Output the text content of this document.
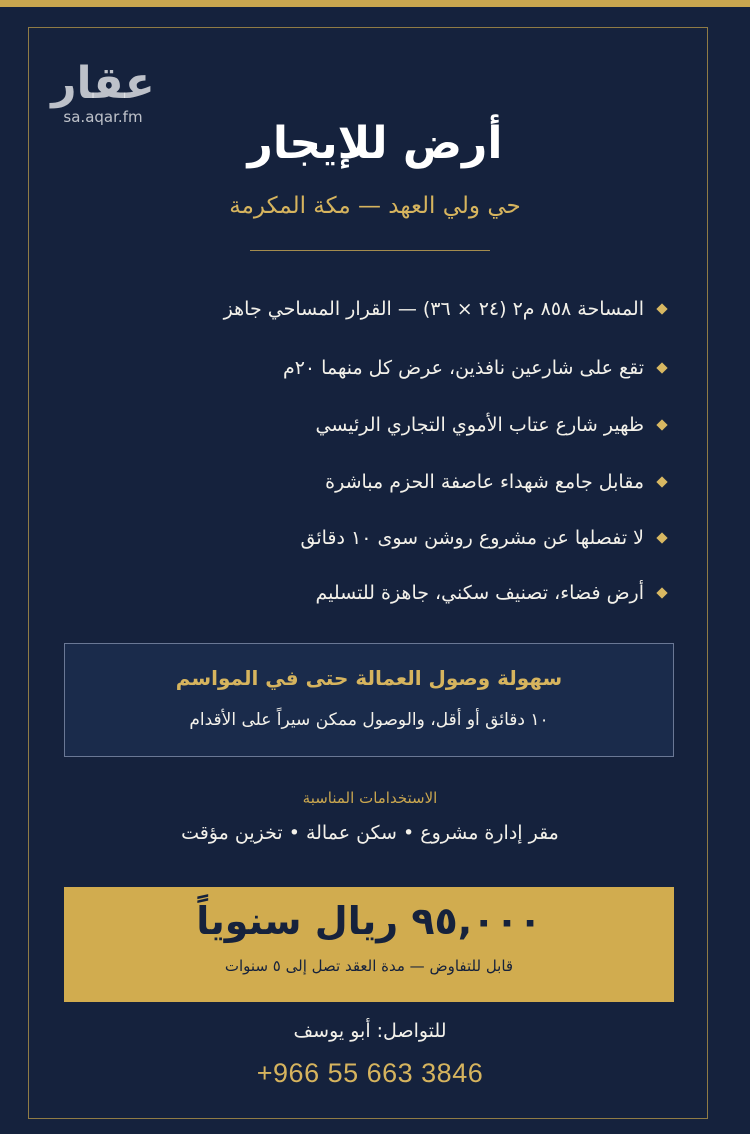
عقار
sa.aqar.fm
أرض للإيجار
حي ولي العهد — مكة المكرمة
المساحة ٨٥٨ م٢ (٢٤ × ٣٦) — القرار المساحي جاهز
تقع على شارعين نافذين، عرض كل منهما ٢٠م
ظهير شارع عتاب الأموي التجاري الرئيسي
مقابل جامع شهداء عاصفة الحزم مباشرة
لا تفصلها عن مشروع روشن سوى ١٠ دقائق
أرض فضاء، تصنيف سكني، جاهزة للتسليم
سهولة وصول العمالة حتى في المواسم
١٠ دقائق أو أقل، والوصول ممكن سيراً على الأقدام
الاستخدامات المناسبة
مقر إدارة مشروع • سكن عمالة • تخزين مؤقت
٩٥,٠٠٠ ريال سنوياً
قابل للتفاوض — مدة العقد تصل إلى ٥ سنوات
للتواصل: أبو يوسف
+966 55 663 3846
